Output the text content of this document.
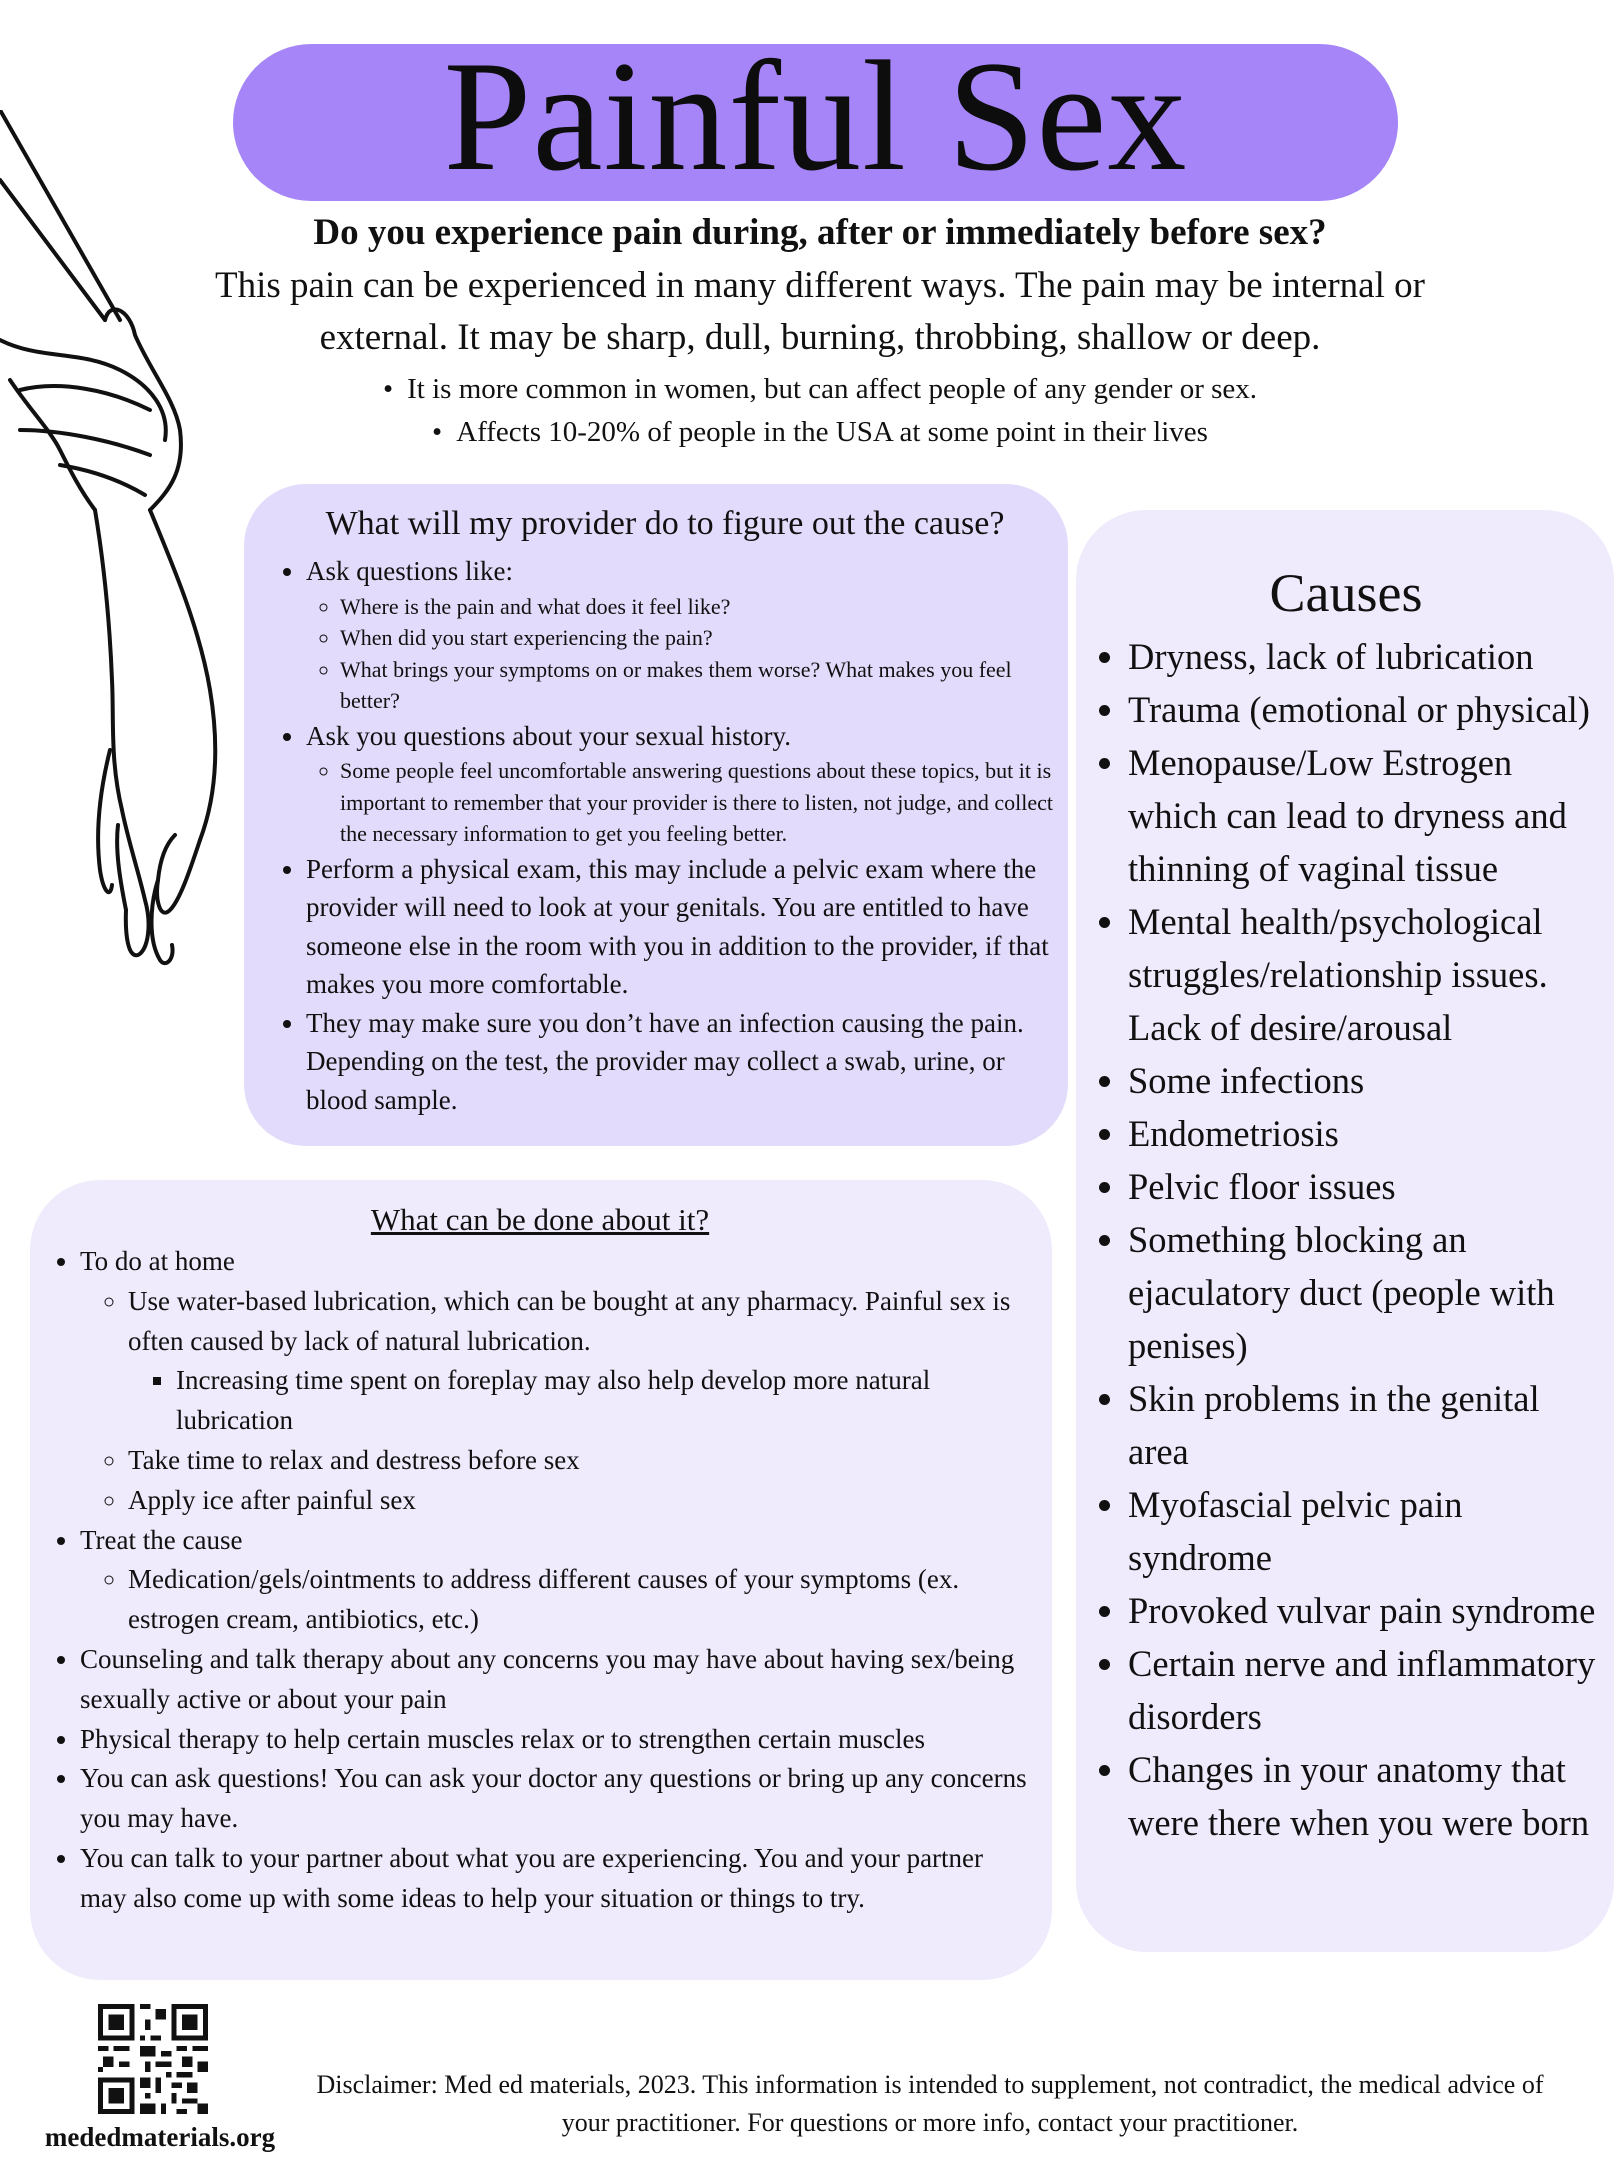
Painful Sex
Do you experience pain during, after or immediately before sex?

This pain can be experienced in many different ways. The pain may be internal or external. It may be sharp, dull, burning, throbbing, shallow or deep.

• It is more common in women, but can affect people of any gender or sex.
• Affects 10-20% of people in the USA at some point in their lives
What will my provider do to figure out the cause?
• Ask questions like:
◦ Where is the pain and what does it feel like?
◦ When did you start experiencing the pain?
◦ What brings your symptoms on or makes them worse? What makes you feel better?
• Ask you questions about your sexual history.
◦ Some people feel uncomfortable answering questions about these topics, but it is important to remember that your provider is there to listen, not judge, and collect the necessary information to get you feeling better.
• Perform a physical exam, this may include a pelvic exam where the provider will need to look at your genitals. You are entitled to have someone else in the room with you in addition to the provider, if that makes you more comfortable.
• They may make sure you don’t have an infection causing the pain. Depending on the test, the provider may collect a swab, urine, or blood sample.
Causes
• Dryness, lack of lubrication
• Trauma (emotional or physical)
• Menopause/Low Estrogen which can lead to dryness and thinning of vaginal tissue
• Mental health/psychological struggles/relationship issues. Lack of desire/arousal
• Some infections
• Endometriosis
• Pelvic floor issues
• Something blocking an ejaculatory duct (people with penises)
• Skin problems in the genital area
• Myofascial pelvic pain syndrome
• Provoked vulvar pain syndrome
• Certain nerve and inflammatory disorders
• Changes in your anatomy that were there when you were born
What can be done about it?
• To do at home
◦ Use water-based lubrication, which can be bought at any pharmacy. Painful sex is often caused by lack of natural lubrication.
▪ Increasing time spent on foreplay may also help develop more natural lubrication
◦ Take time to relax and destress before sex
◦ Apply ice after painful sex
• Treat the cause
◦ Medication/gels/ointments to address different causes of your symptoms (ex. estrogen cream, antibiotics, etc.)
• Counseling and talk therapy about any concerns you may have about having sex/being sexually active or about your pain
• Physical therapy to help certain muscles relax or to strengthen certain muscles
• You can ask questions! You can ask your doctor any questions or bring up any concerns you may have.
• You can talk to your partner about what you are experiencing. You and your partner may also come up with some ideas to help your situation or things to try.
mededmaterials.org
Disclaimer: Med ed materials, 2023. This information is intended to supplement, not contradict, the medical advice of your practitioner. For questions or more info, contact your practitioner.
